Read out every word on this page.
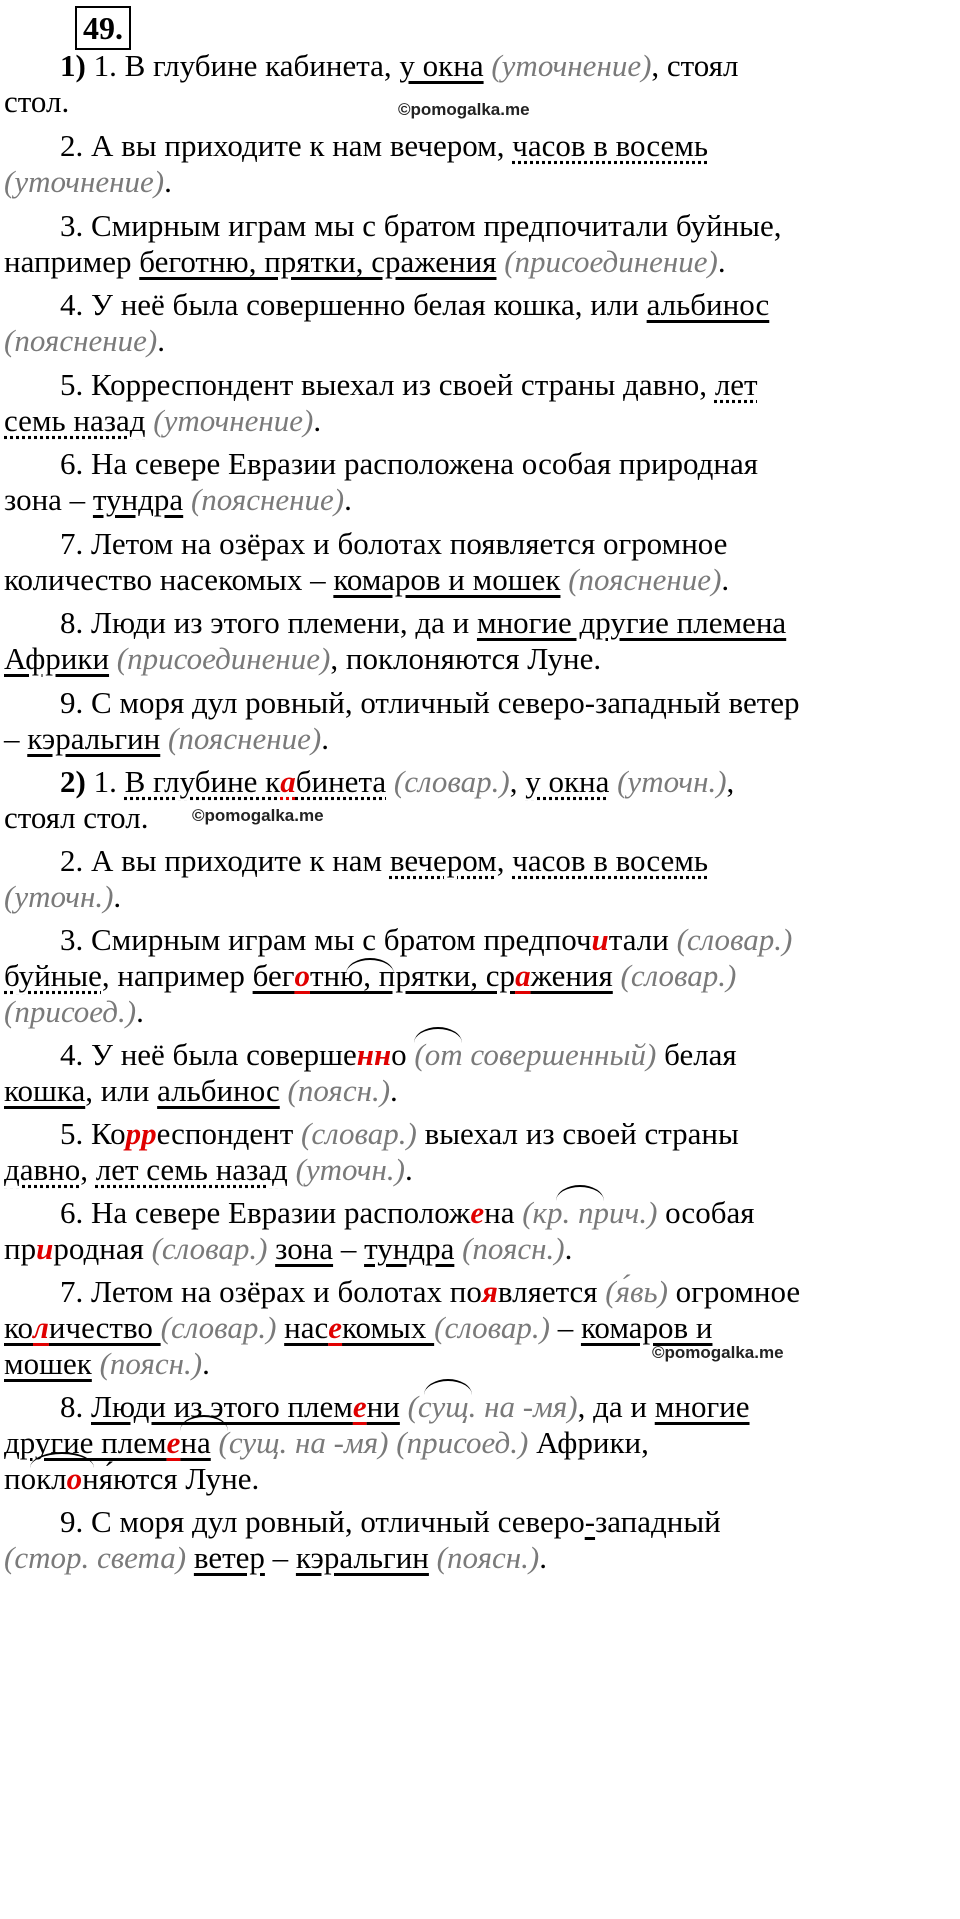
49.
1) 1. В глубине кабинета, у окна (уточнение), стоял
стол.	©pomogalka.me
2. А вы приходите к нам вечером, часов в восемь
(уточнение).
3. Смирным играм мы с братом предпочитали буйные,
например беготню, прятки, сражения (присоединение).
4. У неё была совершенно белая кошка, или альбинос
(пояснение).
5. Корреспондент выехал из своей страны давно, лет
семь назад (уточнение).
6. На севере Евразии расположена особая природная
зона – тундра (пояснение).
7. Летом на озёрах и болотах появляется огромное
количество насекомых – комаров и мошек (пояснение).
8. Люди из этого племени, да и многие другие племена
Африки (присоединение), поклоняются Луне.
9. С моря дул ровный, отличный северо-западный ветер
– кэральгин (пояснение).
2) 1. В глубине кабинета (словар.), у окна (уточн.),
стоял стол.	©pomogalka.me
2. А вы приходите к нам вечером, часов в восемь
(уточн.).
3. Смирным играм мы с братом предпочитали (словар.)
буйные, например беготню, прятки, сражения (словар.)
(присоед.).
4. У неё была совершенно (от совершенный) белая
кошка, или альбинос (поясн.).
5. Корреспондент (словар.) выехал из своей страны
давно, лет семь назад (уточн.).
6. На севере Евразии расположена (кр. прич.) особая
природная (словар.) зона – тундра (поясн.).
7. Летом на озёрах и болотах появляется (я́вь) огромное
количество (словар.) насекомых (словар.) – комаров и
мошек (поясн.).	©pomogalka.me
8. Люди из этого племени (сущ. на -мя), да и многие
другие племена (сущ. на -мя) (присоед.) Африки,
поклоня́ются Луне.
9. С моря дул ровный, отличный северо-западный
(стор. света) ветер – кэральгин (поясн.).
